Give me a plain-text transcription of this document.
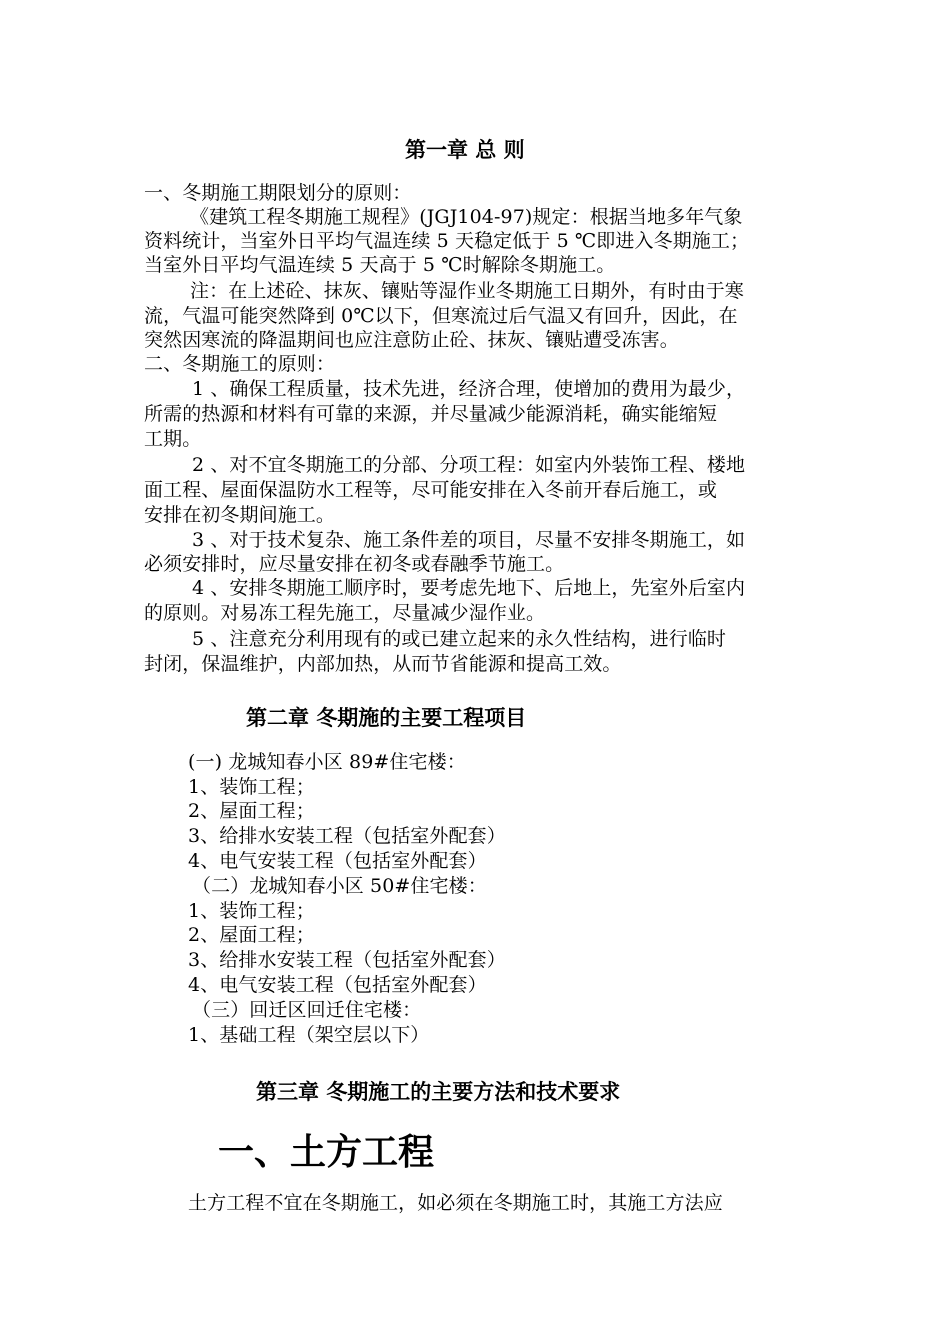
第一章 总 则
一、冬期施工期限划分的原则：
《建筑工程冬期施工规程》(JGJ104-97)规定：根据当地多年气象
资料统计，当室外日平均气温连续 5 天稳定低于 5 ℃即进入冬期施工；
当室外日平均气温连续 5 天高于 5 ℃时解除冬期施工。
注：在上述砼、抹灰、镶贴等湿作业冬期施工日期外，有时由于寒
流，气温可能突然降到 0℃以下，但寒流过后气温又有回升，因此，在
突然因寒流的降温期间也应注意防止砼、抹灰、镶贴遭受冻害。
二、冬期施工的原则：
1 、确保工程质量，技术先进，经济合理，使增加的费用为最少，
所需的热源和材料有可靠的来源，并尽量减少能源消耗，确实能缩短
工期。
2 、对不宜冬期施工的分部、分项工程：如室内外装饰工程、楼地
面工程、屋面保温防水工程等，尽可能安排在入冬前开春后施工，或
安排在初冬期间施工。
3 、对于技术复杂、施工条件差的项目，尽量不安排冬期施工，如
必须安排时，应尽量安排在初冬或春融季节施工。
4 、安排冬期施工顺序时，要考虑先地下、后地上，先室外后室内
的原则。对易冻工程先施工，尽量减少湿作业。
5 、注意充分利用现有的或已建立起来的永久性结构，进行临时
封闭，保温维护，内部加热，从而节省能源和提高工效。
第二章 冬期施的主要工程项目
(一) 龙城知春小区 89#住宅楼：
1、装饰工程；
2、屋面工程；
3、给排水安装工程（包括室外配套）
4、电气安装工程（包括室外配套）
（二）龙城知春小区 50#住宅楼：
1、装饰工程；
2、屋面工程；
3、给排水安装工程（包括室外配套）
4、电气安装工程（包括室外配套）
（三）回迁区回迁住宅楼：
1、基础工程（架空层以下）
第三章 冬期施工的主要方法和技术要求
一、土方工程
土方工程不宜在冬期施工，如必须在冬期施工时，其施工方法应
